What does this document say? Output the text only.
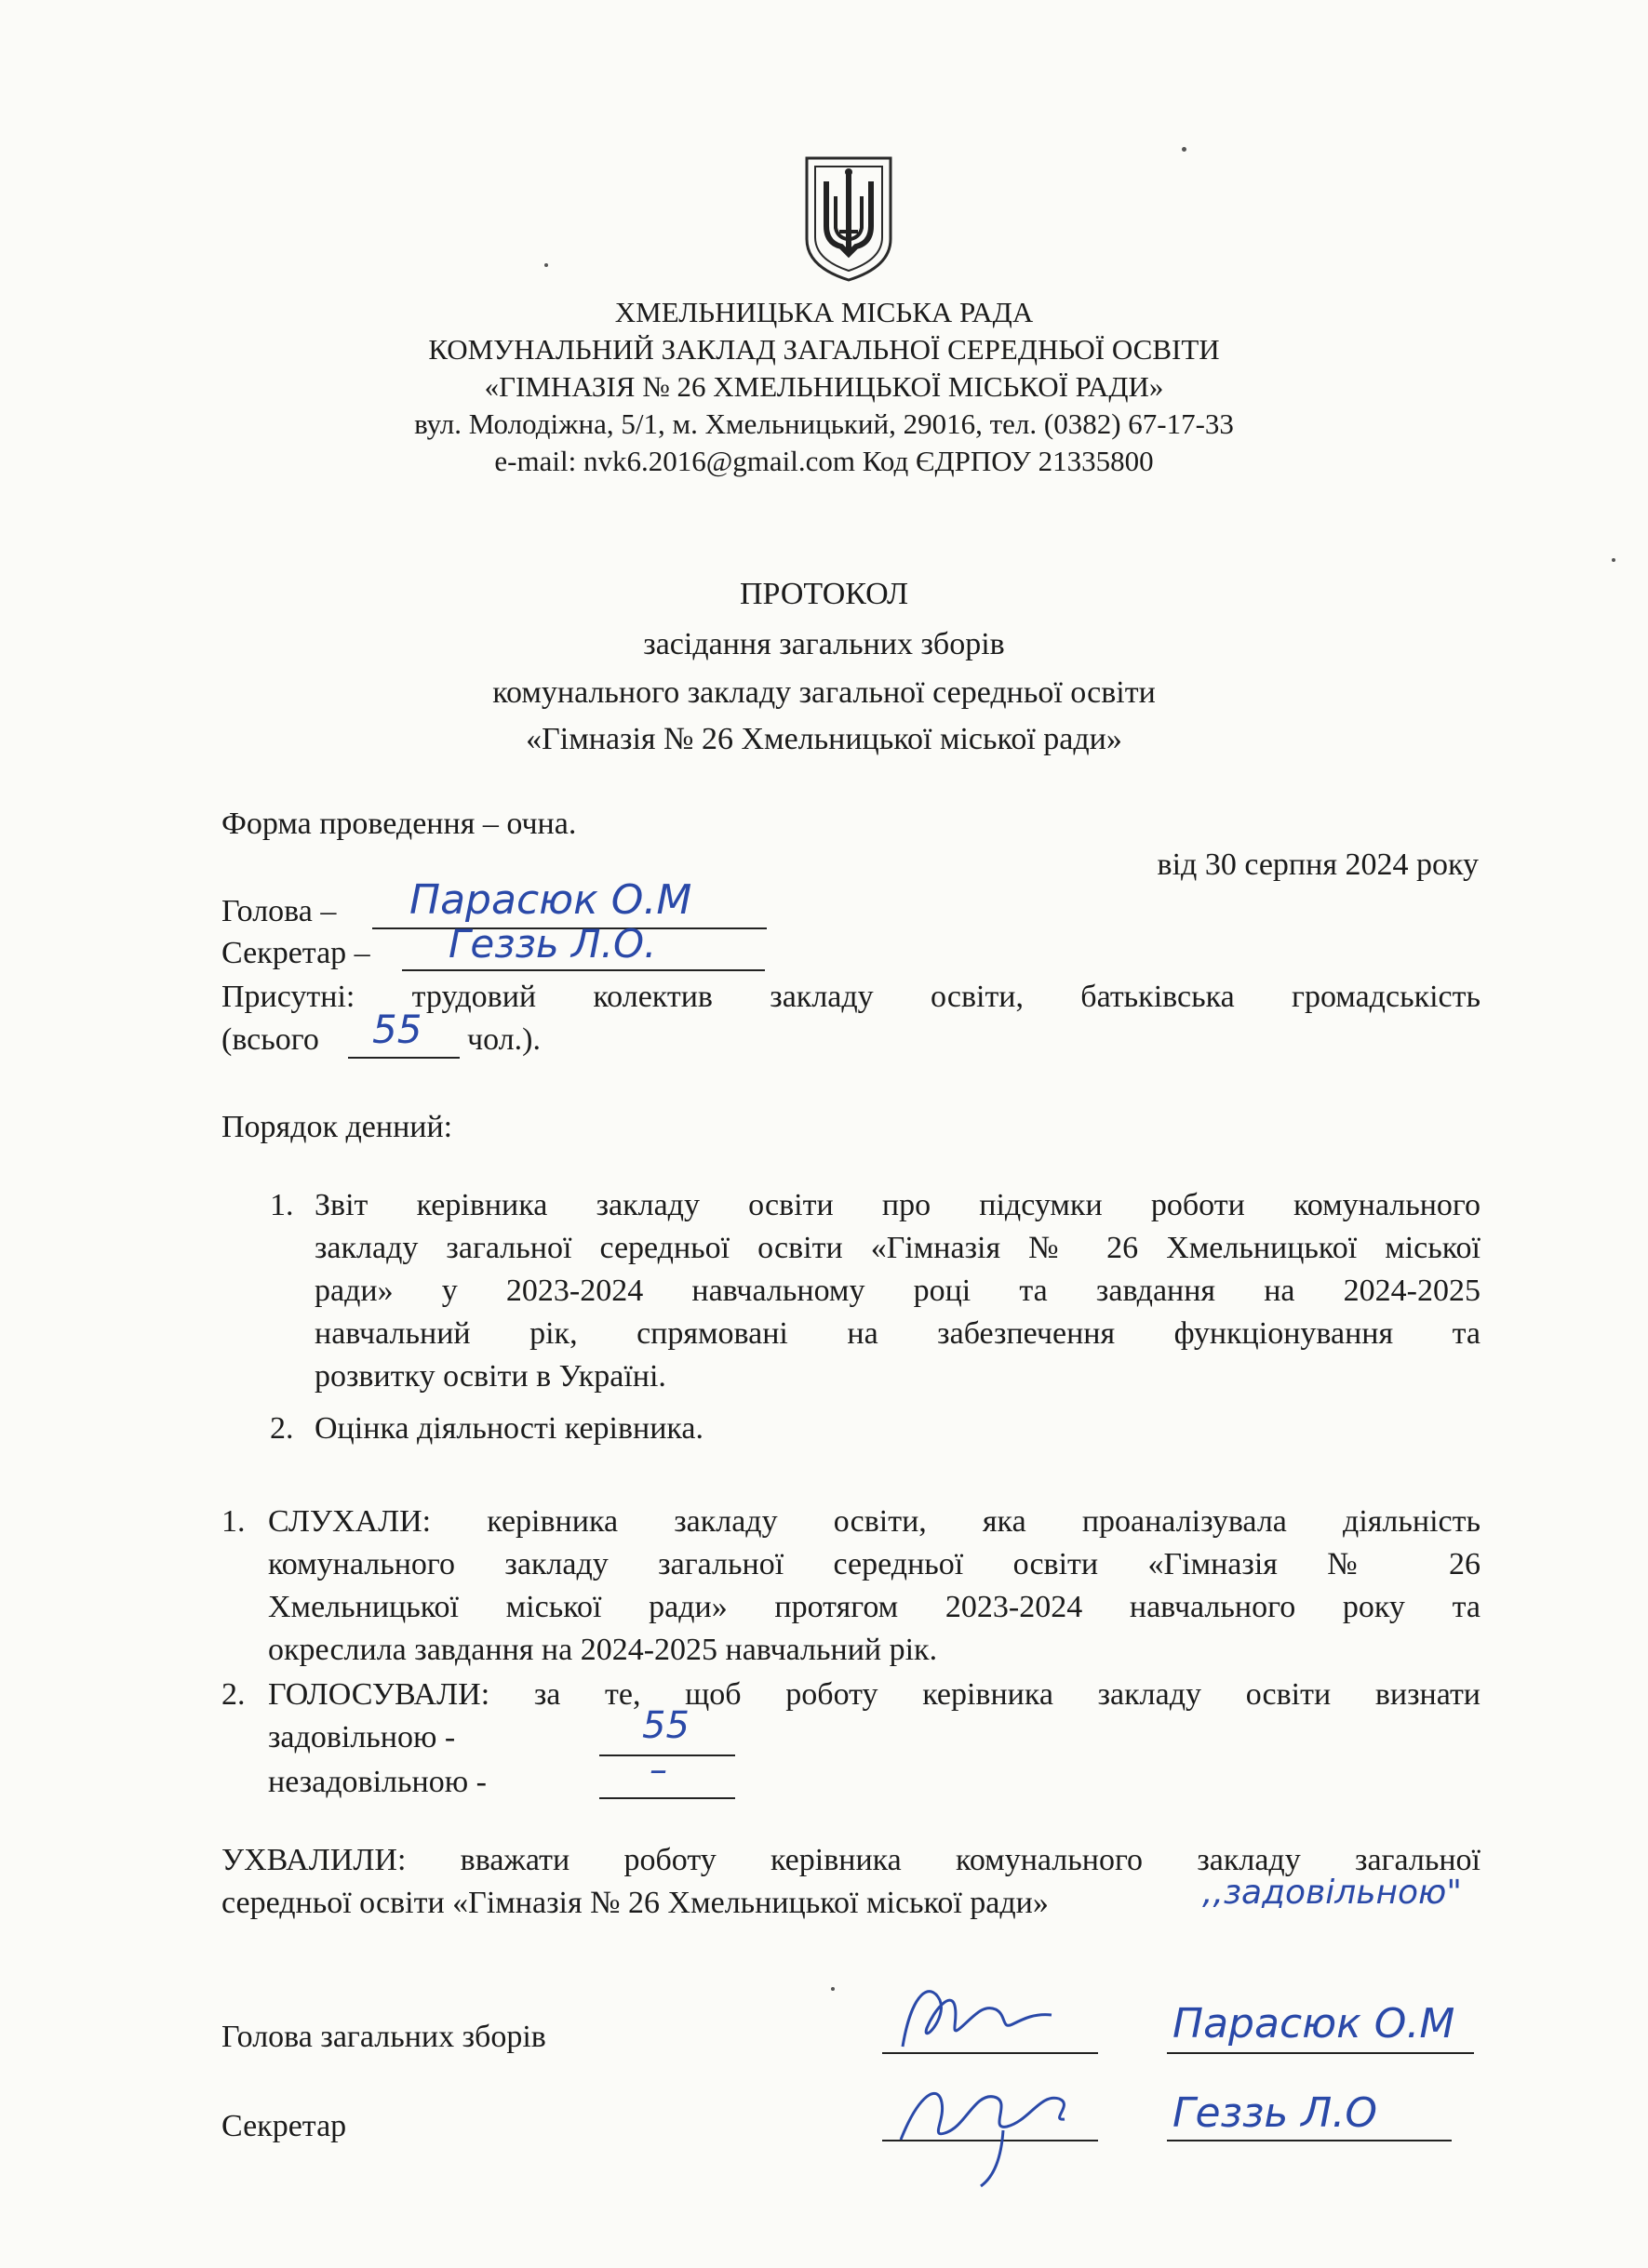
ХМЕЛЬНИЦЬКА МІСЬКА РАДА
КОМУНАЛЬНИЙ ЗАКЛАД ЗАГАЛЬНОЇ СЕРЕДНЬОЇ ОСВІТИ
«ГІМНАЗІЯ № 26 ХМЕЛЬНИЦЬКОЇ МІСЬКОЇ РАДИ»
вул. Молодіжна, 5/1, м. Хмельницький, 29016, тел. (0382) 67-17-33
e-mail: nvk6.2016@gmail.com Код ЄДРПОУ 21335800
ПРОТОКОЛ
засідання загальних зборів
комунального закладу загальної середньої освіти
«Гімназія № 26 Хмельницької міської ради»
Форма проведення – очна.
від 30 серпня 2024 року
Голова – Парасюк О.М
Секретар – Геззь Л.О.
Присутні: трудовий колектив закладу освіти, батьківська громадськість
(всього 55 чол.).
Порядок денний:
1. Звіт керівника закладу освіти про підсумки роботи комунального
закладу загальної середньої освіти «Гімназія № 26 Хмельницької міської
ради» у 2023-2024 навчальному році та завдання на 2024-2025
навчальний рік, спрямовані на забезпечення функціонування та
розвитку освіти в Україні.
2. Оцінка діяльності керівника.
1. СЛУХАЛИ: керівника закладу освіти, яка проаналізувала діяльність
комунального закладу загальної середньої освіти «Гімназія № 26
Хмельницької міської ради» протягом 2023-2024 навчального року та
окреслила завдання на 2024-2025 навчальний рік.
2. ГОЛОСУВАЛИ: за те, щоб роботу керівника закладу освіти визнати
задовільною -	55
незадовільною -	–
УХВАЛИЛИ: вважати роботу керівника комунального закладу загальної
середньої освіти «Гімназія № 26 Хмельницької міської ради»	,,задовільною"
Голова загальних зборів	Парасюк О.М
Секретар	Геззь Л.О
